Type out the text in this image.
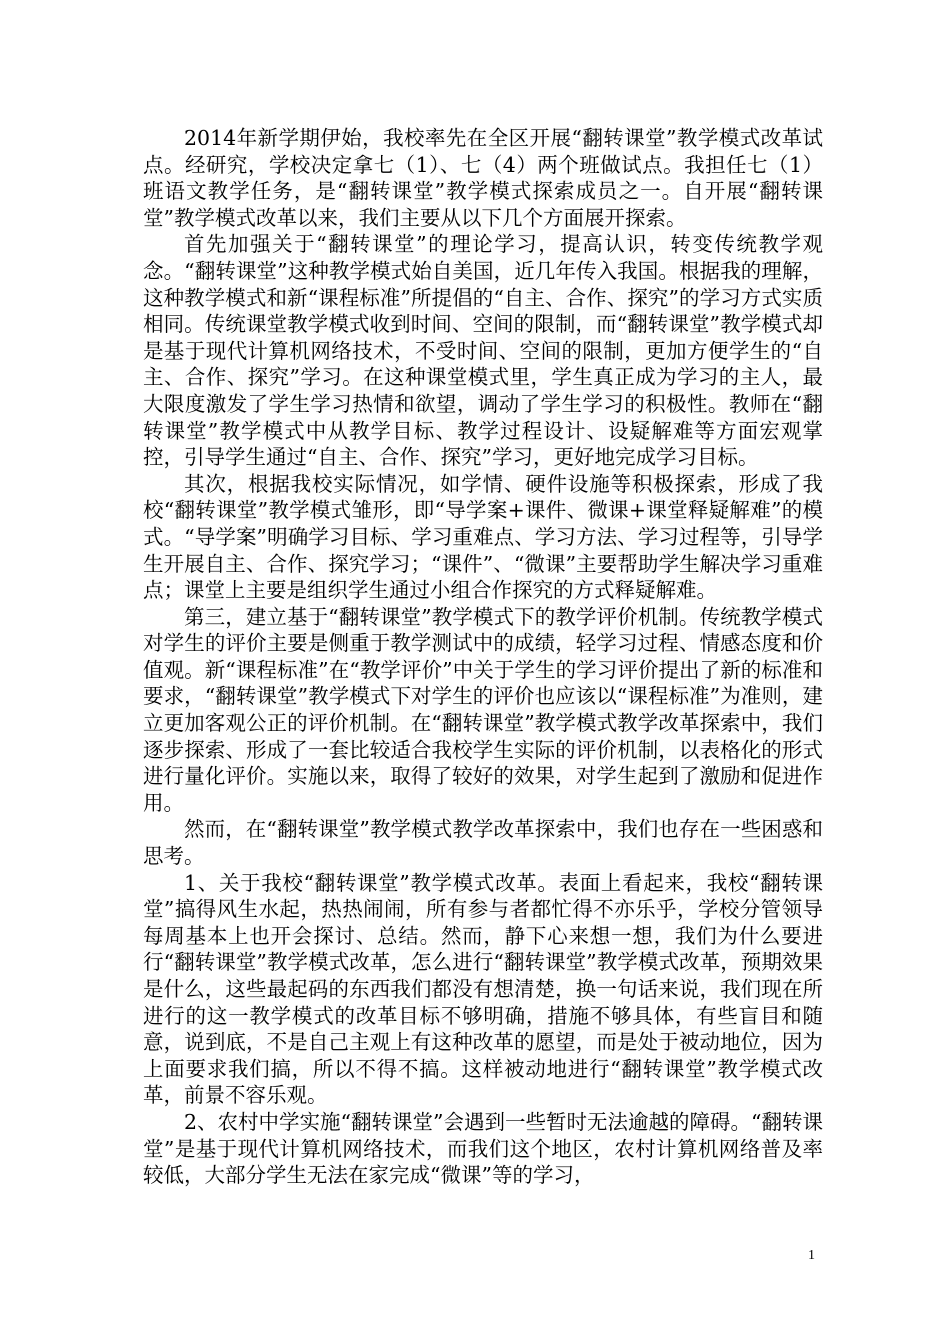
2014年新学期伊始，我校率先在全区开展“翻转课堂”教学模式改革试点。经研究，学校决定拿七（1）、七（4）两个班做试点。我担任七（1）班语文教学任务，是“翻转课堂”教学模式探索成员之一。自开展“翻转课堂”教学模式改革以来，我们主要从以下几个方面展开探索。

首先加强关于“翻转课堂”的理论学习，提高认识，转变传统教学观念。“翻转课堂”这种教学模式始自美国，近几年传入我国。根据我的理解，这种教学模式和新“课程标准”所提倡的“自主、合作、探究”的学习方式实质相同。传统课堂教学模式收到时间、空间的限制，而“翻转课堂”教学模式却是基于现代计算机网络技术，不受时间、空间的限制，更加方便学生的“自主、合作、探究”学习。在这种课堂模式里，学生真正成为学习的主人，最大限度激发了学生学习热情和欲望，调动了学生学习的积极性。教师在“翻转课堂”教学模式中从教学目标、教学过程设计、设疑解难等方面宏观掌控，引导学生通过“自主、合作、探究”学习，更好地完成学习目标。

其次，根据我校实际情况，如学情、硬件设施等积极探索，形成了我校“翻转课堂”教学模式雏形，即“导学案+课件、微课+课堂释疑解难”的模式。“导学案”明确学习目标、学习重难点、学习方法、学习过程等，引导学生开展自主、合作、探究学习；“课件”、“微课”主要帮助学生解决学习重难点；课堂上主要是组织学生通过小组合作探究的方式释疑解难。

第三，建立基于“翻转课堂”教学模式下的教学评价机制。传统教学模式对学生的评价主要是侧重于教学测试中的成绩，轻学习过程、情感态度和价值观。新“课程标准”在“教学评价”中关于学生的学习评价提出了新的标准和要求，“翻转课堂”教学模式下对学生的评价也应该以“课程标准”为准则，建立更加客观公正的评价机制。在“翻转课堂”教学模式教学改革探索中，我们逐步探索、形成了一套比较适合我校学生实际的评价机制，以表格化的形式进行量化评价。实施以来，取得了较好的效果，对学生起到了激励和促进作用。

然而，在“翻转课堂”教学模式教学改革探索中，我们也存在一些困惑和思考。

1、关于我校“翻转课堂”教学模式改革。表面上看起来，我校“翻转课堂”搞得风生水起，热热闹闹，所有参与者都忙得不亦乐乎，学校分管领导每周基本上也开会探讨、总结。然而，静下心来想一想，我们为什么要进行“翻转课堂”教学模式改革，怎么进行“翻转课堂”教学模式改革，预期效果是什么，这些最起码的东西我们都没有想清楚，换一句话来说，我们现在所进行的这一教学模式的改革目标不够明确，措施不够具体，有些盲目和随意，说到底，不是自己主观上有这种改革的愿望，而是处于被动地位，因为上面要求我们搞，所以不得不搞。这样被动地进行“翻转课堂”教学模式改革，前景不容乐观。

2、农村中学实施“翻转课堂”会遇到一些暂时无法逾越的障碍。“翻转课堂”是基于现代计算机网络技术，而我们这个地区，农村计算机网络普及率较低，大部分学生无法在家完成“微课”等的学习，

1
